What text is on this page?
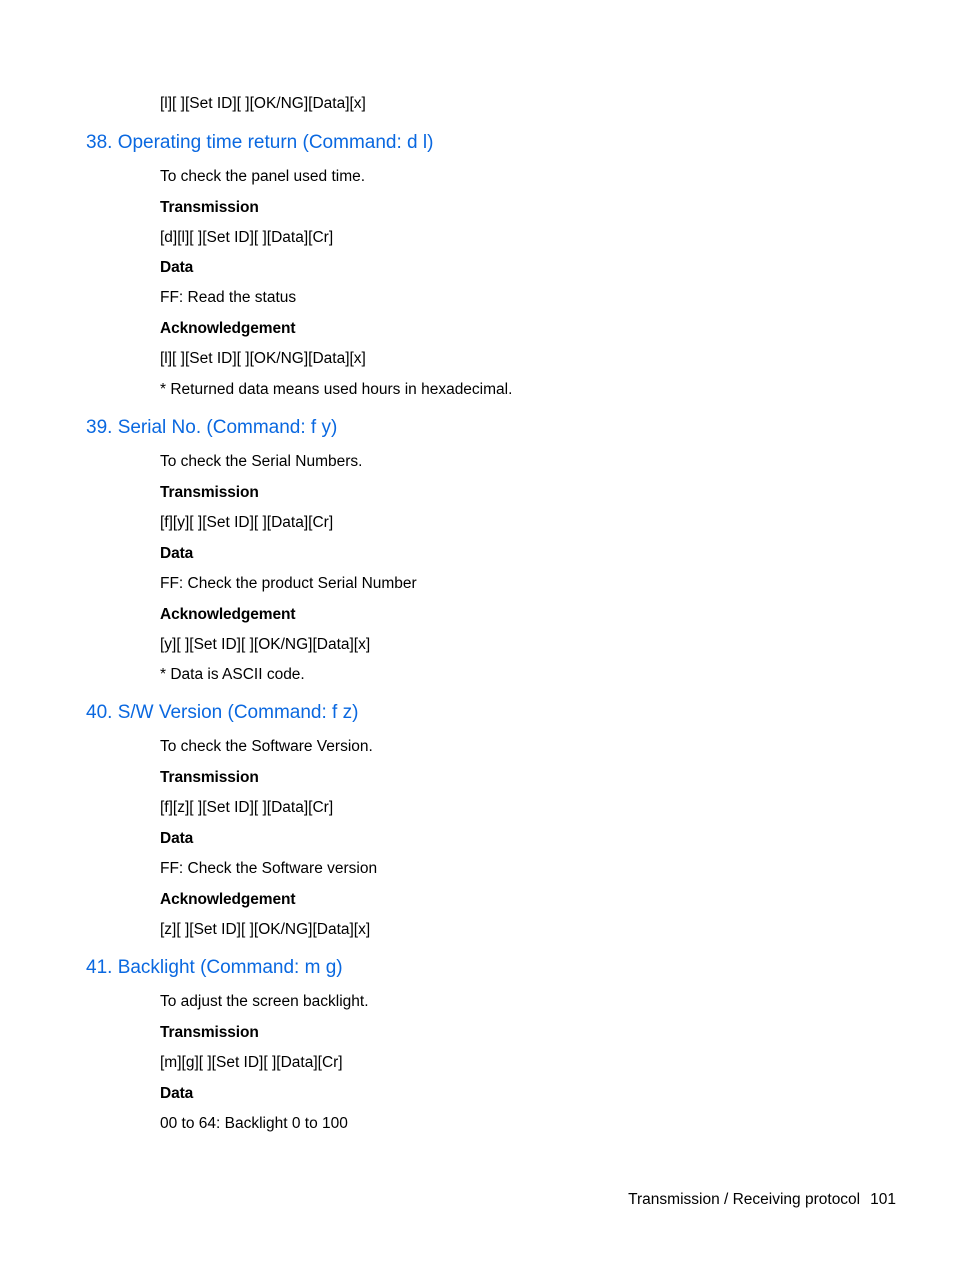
[l][ ][Set ID][ ][OK/NG][Data][x]
38. Operating time return (Command: d l)
To check the panel used time.
Transmission
[d][l][ ][Set ID][ ][Data][Cr]
Data
FF: Read the status
Acknowledgement
[l][ ][Set ID][ ][OK/NG][Data][x]
* Returned data means used hours in hexadecimal.
39. Serial No. (Command: f y)
To check the Serial Numbers.
Transmission
[f][y][ ][Set ID][ ][Data][Cr]
Data
FF: Check the product Serial Number
Acknowledgement
[y][ ][Set ID][ ][OK/NG][Data][x]
* Data is ASCII code.
40. S/W Version (Command: f z)
To check the Software Version.
Transmission
[f][z][ ][Set ID][ ][Data][Cr]
Data
FF: Check the Software version
Acknowledgement
[z][ ][Set ID][ ][OK/NG][Data][x]
41. Backlight (Command: m g)
To adjust the screen backlight.
Transmission
[m][g][ ][Set ID][ ][Data][Cr]
Data
00 to 64: Backlight 0 to 100
Transmission / Receiving protocol 101
